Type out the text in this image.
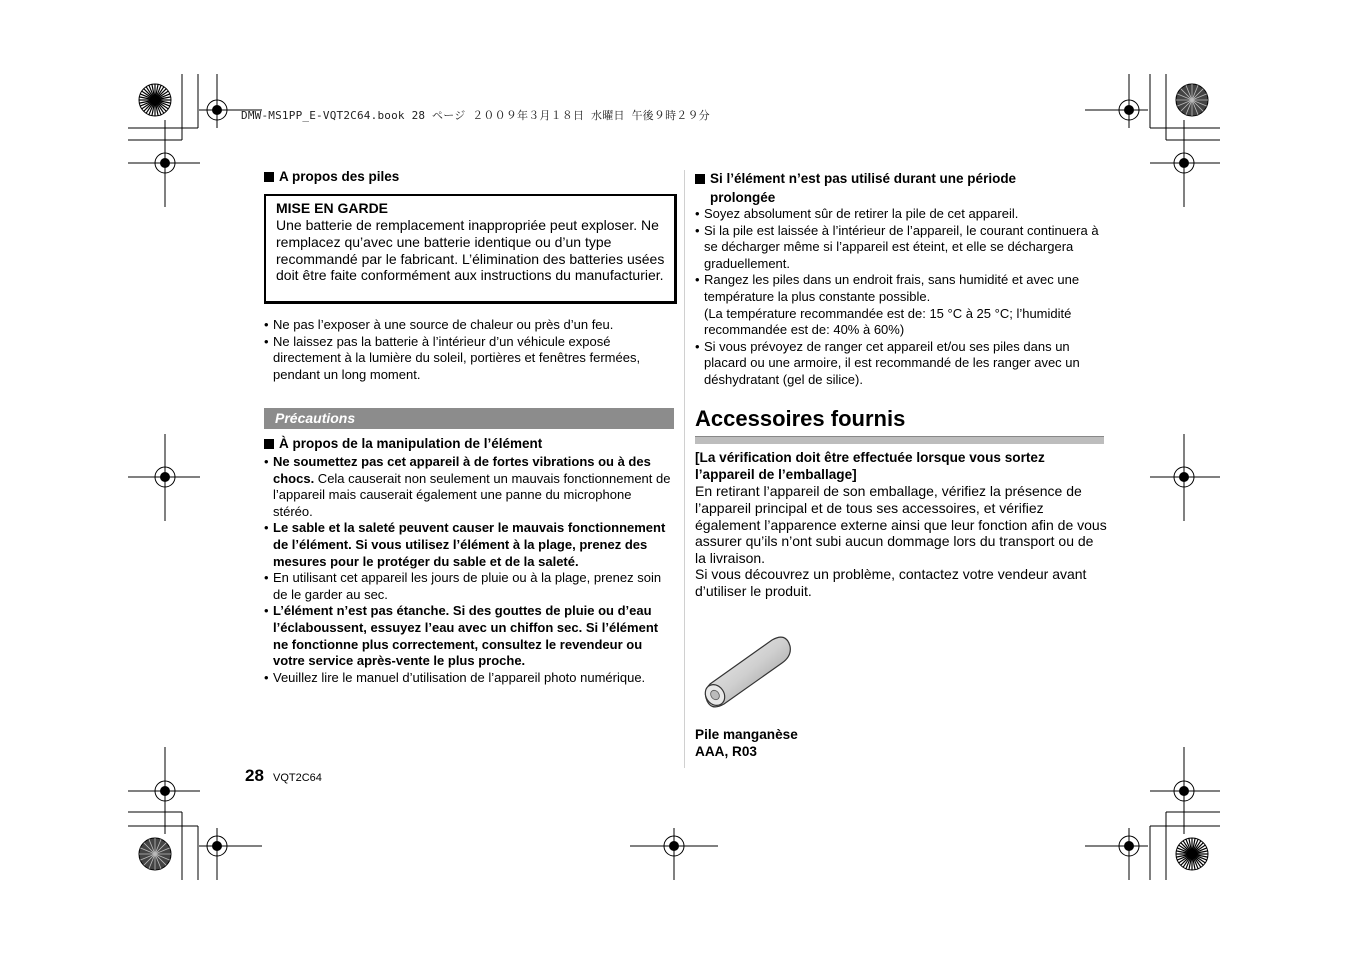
DMW-MS1PP_E-VQT2C64.book 28 ページ ２００９年３月１８日 水曜日 午後９時２９分
A propos des piles
MISE EN GARDE
Une batterie de remplacement inappropriée peut exploser. Ne remplacez qu’avec une batterie identique ou d’un type recommandé par le fabricant. L’élimination des batteries usées doit être faite conformément aux instructions du manufacturier.
• Ne pas l’exposer à une source de chaleur ou près d’un feu.
• Ne laissez pas la batterie à l’intérieur d’un véhicule exposé directement à la lumière du soleil, portières et fenêtres fermées, pendant un long moment.
Précautions
À propos de la manipulation de l’élément
• Ne soumettez pas cet appareil à de fortes vibrations ou à des chocs. Cela causerait non seulement un mauvais fonctionnement de l’appareil mais causerait également une panne du microphone stéréo.
• Le sable et la saleté peuvent causer le mauvais fonctionnement de l’élément. Si vous utilisez l’élément à la plage, prenez des mesures pour le protéger du sable et de la saleté.
• En utilisant cet appareil les jours de pluie ou à la plage, prenez soin de le garder au sec.
• L’élément n’est pas étanche. Si des gouttes de pluie ou d’eau l’éclaboussent, essuyez l’eau avec un chiffon sec. Si l’élément ne fonctionne plus correctement, consultez le revendeur ou votre service après-vente le plus proche.
• Veuillez lire le manuel d’utilisation de l’appareil photo numérique.
28 VQT2C64
Si l’élément n’est pas utilisé durant une période
prolongée
• Soyez absolument sûr de retirer la pile de cet appareil.
• Si la pile est laissée à l’intérieur de l’appareil, le courant continuera à se décharger même si l’appareil est éteint, et elle se déchargera graduellement.
• Rangez les piles dans un endroit frais, sans humidité et avec une température la plus constante possible.
(La température recommandée est de: 15 °C à 25 °C; l’humidité recommandée est de: 40% à 60%)
• Si vous prévoyez de ranger cet appareil et/ou ses piles dans un placard ou une armoire, il est recommandé de les ranger avec un déshydratant (gel de silice).
Accessoires fournis
[La vérification doit être effectuée lorsque vous sortez l’appareil de l’emballage]
En retirant l’appareil de son emballage, vérifiez la présence de l’appareil principal et de tous ses accessoires, et vérifiez également l’apparence externe ainsi que leur fonction afin de vous assurer qu’ils n’ont subi aucun dommage lors du transport ou de la livraison.
Si vous découvrez un problème, contactez votre vendeur avant d’utiliser le produit.
Pile manganèse
AAA, R03
